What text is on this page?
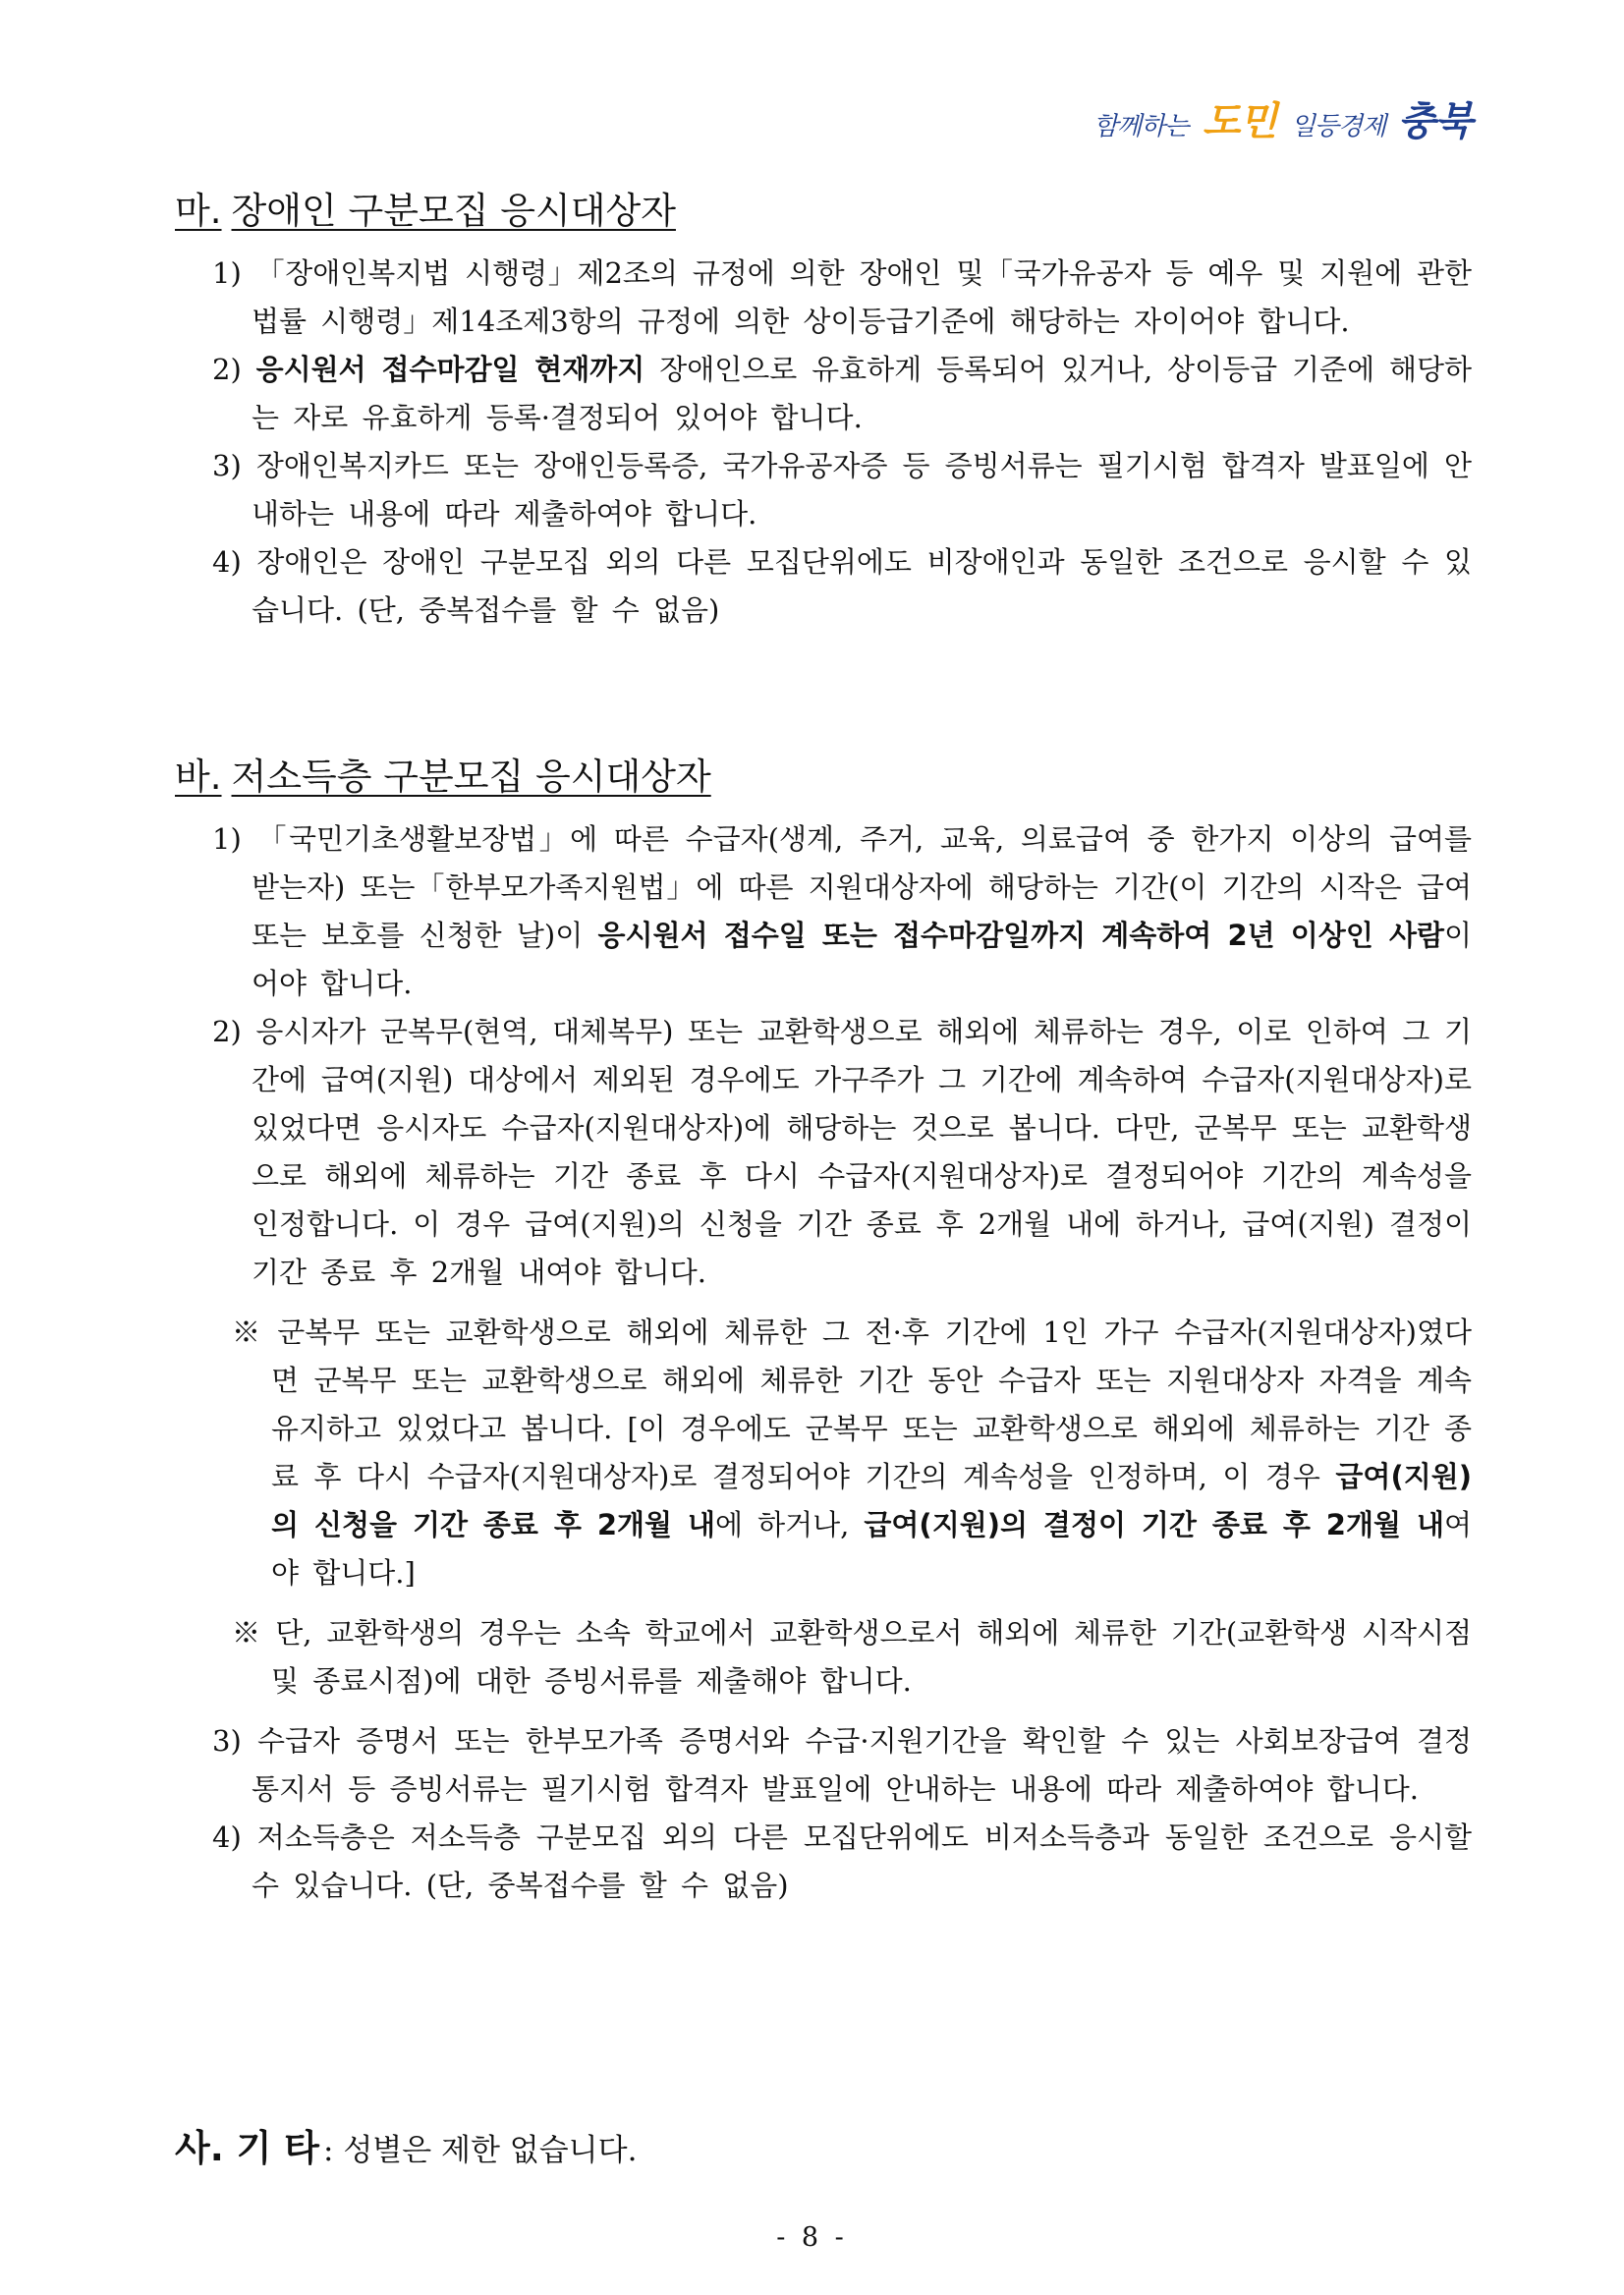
함께하는 도민 일등경제 충북
마. 장애인 구분모집 응시대상자
1) 「장애인복지법 시행령」제2조의 규정에 의한 장애인 및「국가유공자 등 예우 및 지원에 관한 법률 시행령」제14조제3항의 규정에 의한 상이등급기준에 해당하는 자이어야 합니다.
2) 응시원서 접수마감일 현재까지 장애인으로 유효하게 등록되어 있거나, 상이등급 기준에 해당하는 자로 유효하게 등록·결정되어 있어야 합니다.
3) 장애인복지카드 또는 장애인등록증, 국가유공자증 등 증빙서류는 필기시험 합격자 발표일에 안내하는 내용에 따라 제출하여야 합니다.
4) 장애인은 장애인 구분모집 외의 다른 모집단위에도 비장애인과 동일한 조건으로 응시할 수 있습니다. (단, 중복접수를 할 수 없음)
바. 저소득층 구분모집 응시대상자
1) 「국민기초생활보장법」에 따른 수급자(생계, 주거, 교육, 의료급여 중 한가지 이상의 급여를 받는자) 또는「한부모가족지원법」에 따른 지원대상자에 해당하는 기간(이 기간의 시작은 급여 또는 보호를 신청한 날)이 응시원서 접수일 또는 접수마감일까지 계속하여 2년 이상인 사람이어야 합니다.
2) 응시자가 군복무(현역, 대체복무) 또는 교환학생으로 해외에 체류하는 경우, 이로 인하여 그 기간에 급여(지원) 대상에서 제외된 경우에도 가구주가 그 기간에 계속하여 수급자(지원대상자)로 있었다면 응시자도 수급자(지원대상자)에 해당하는 것으로 봅니다. 다만, 군복무 또는 교환학생으로 해외에 체류하는 기간 종료 후 다시 수급자(지원대상자)로 결정되어야 기간의 계속성을 인정합니다. 이 경우 급여(지원)의 신청을 기간 종료 후 2개월 내에 하거나, 급여(지원) 결정이 기간 종료 후 2개월 내여야 합니다.
※ 군복무 또는 교환학생으로 해외에 체류한 그 전·후 기간에 1인 가구 수급자(지원대상자)였다면 군복무 또는 교환학생으로 해외에 체류한 기간 동안 수급자 또는 지원대상자 자격을 계속 유지하고 있었다고 봅니다. [이 경우에도 군복무 또는 교환학생으로 해외에 체류하는 기간 종료 후 다시 수급자(지원대상자)로 결정되어야 기간의 계속성을 인정하며, 이 경우 급여(지원)의 신청을 기간 종료 후 2개월 내에 하거나, 급여(지원)의 결정이 기간 종료 후 2개월 내여야 합니다.]
※ 단, 교환학생의 경우는 소속 학교에서 교환학생으로서 해외에 체류한 기간(교환학생 시작시점 및 종료시점)에 대한 증빙서류를 제출해야 합니다.
3) 수급자 증명서 또는 한부모가족 증명서와 수급·지원기간을 확인할 수 있는 사회보장급여 결정통지서 등 증빙서류는 필기시험 합격자 발표일에 안내하는 내용에 따라 제출하여야 합니다.
4) 저소득층은 저소득층 구분모집 외의 다른 모집단위에도 비저소득층과 동일한 조건으로 응시할 수 있습니다. (단, 중복접수를 할 수 없음)
사. 기 타 : 성별은 제한 없습니다.
- 8 -
